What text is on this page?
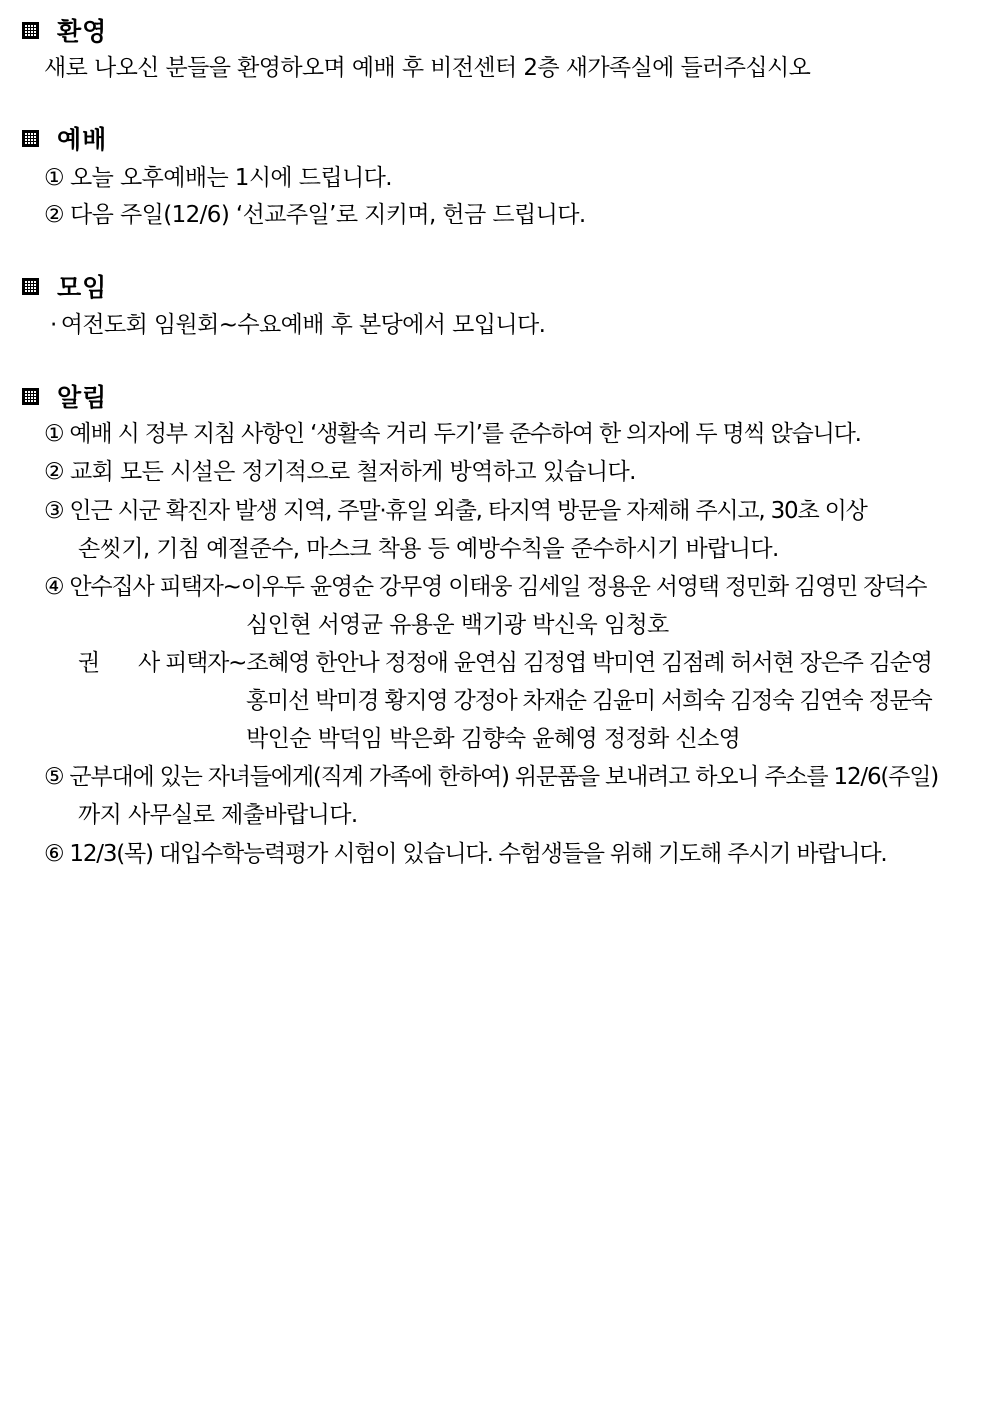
환영
새로 나오신 분들을 환영하오며 예배 후 비전센터 2층 새가족실에 들러주십시오
예배
① 오늘 오후예배는 1시에 드립니다.
② 다음 주일(12/6) ‘선교주일’로 지키며, 헌금 드립니다.
모임
· 여전도회 임원회~수요예배 후 본당에서 모입니다.
알림
① 예배 시 정부 지침 사항인 ‘생활속 거리 두기’를 준수하여 한 의자에 두 명씩 앉습니다.
② 교회 모든 시설은 정기적으로 철저하게 방역하고 있습니다.
③ 인근 시군 확진자 발생 지역, 주말·휴일 외출, 타지역 방문을 자제해 주시고, 30초 이상
손씻기, 기침 예절준수, 마스크 착용 등 예방수칙을 준수하시기 바랍니다.
④ 안수집사 피택자~이우두 윤영순 강무영 이태웅 김세일 정용운 서영택 정민화 김영민 장덕수
심인현 서영균 유용운 백기광 박신욱 임청호
권 사 피택자~조혜영 한안나 정정애 윤연심 김정엽 박미연 김점례 허서현 장은주 김순영
홍미선 박미경 황지영 강정아 차재순 김윤미 서희숙 김정숙 김연숙 정문숙
박인순 박덕임 박은화 김향숙 윤혜영 정정화 신소영
⑤ 군부대에 있는 자녀들에게(직계 가족에 한하여) 위문품을 보내려고 하오니 주소를 12/6(주일)
까지 사무실로 제출바랍니다.
⑥ 12/3(목) 대입수학능력평가 시험이 있습니다. 수험생들을 위해 기도해 주시기 바랍니다.
